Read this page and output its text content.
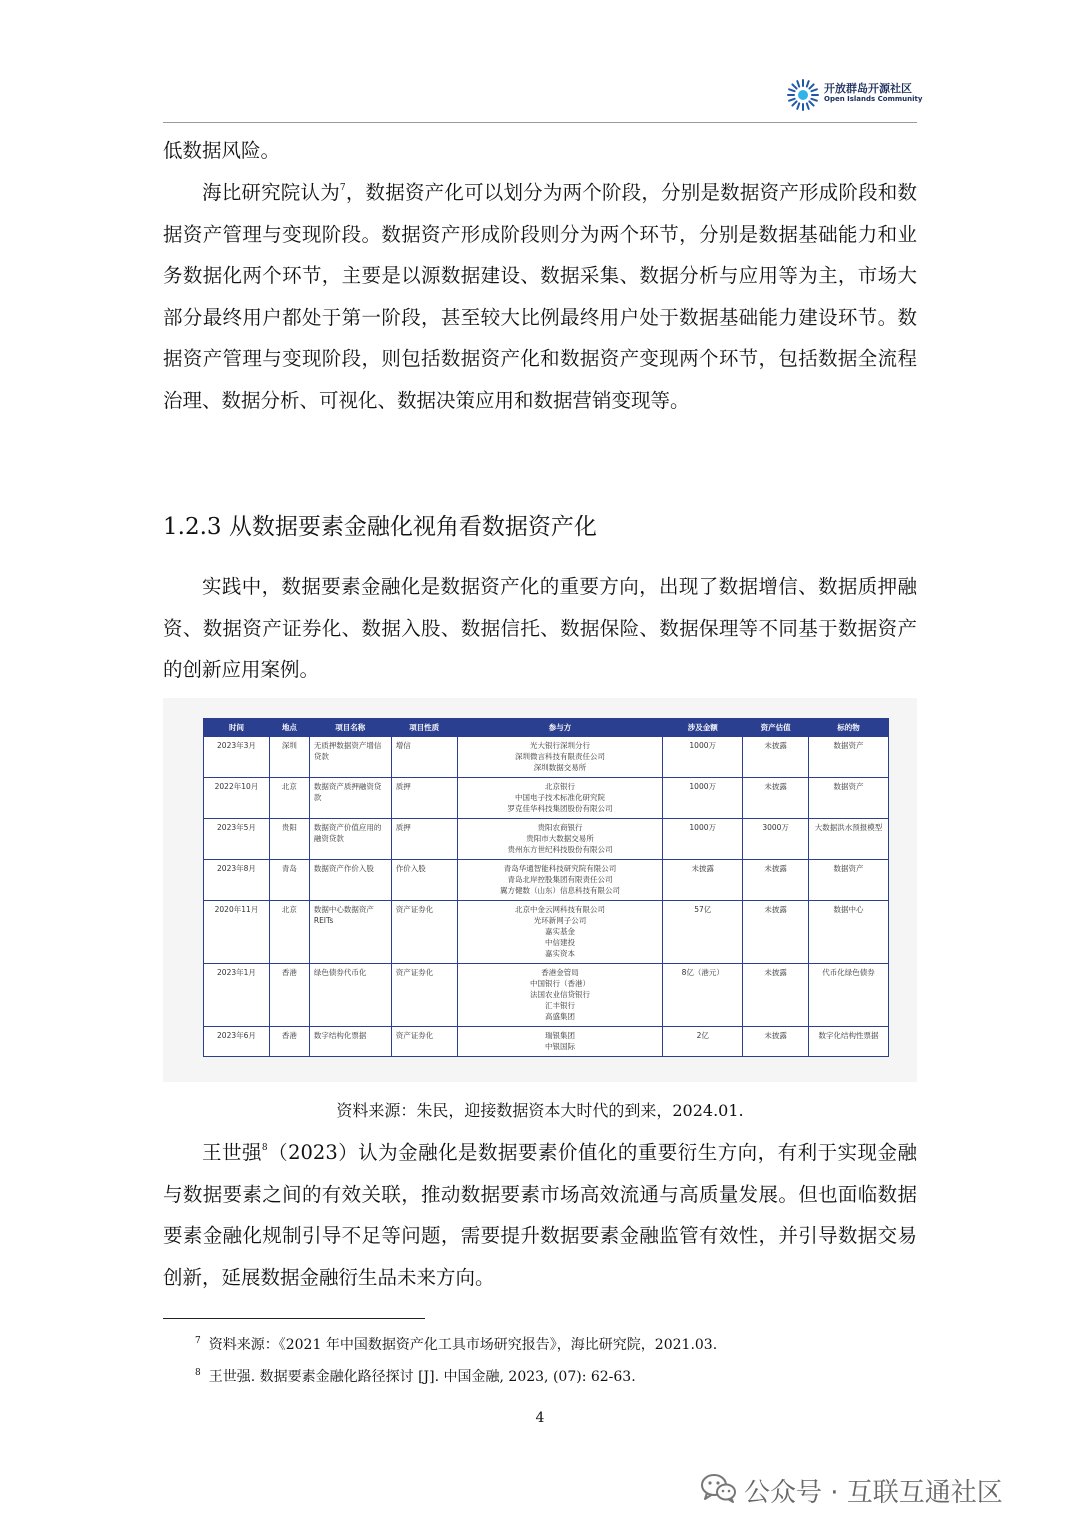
开放群岛开源社区
Open Islands Community

低数据风险。

海比研究院认为$^7$，数据资产化可以划分为两个阶段，分别是数据资产形成阶段和数据资产管理与变现阶段。数据资产形成阶段则分为两个环节，分别是数据基础能力和业务数据化两个环节，主要是以源数据建设、数据采集、数据分析与应用等为主，市场大部分最终用户都处于第一阶段，甚至较大比例最终用户处于数据基础能力建设环节。数据资产管理与变现阶段，则包括数据资产化和数据资产变现两个环节，包括数据全流程治理、数据分析、可视化、数据决策应用和数据营销变现等。

1.2.3 从数据要素金融化视角看数据资产化

实践中，数据要素金融化是数据资产化的重要方向，出现了数据增信、数据质押融资、数据资产证券化、数据入股、数据信托、数据保险、数据保理等不同基于数据资产的创新应用案例。

时间	地点	项目名称	项目性质	参与方	涉及金额	资产估值	标的物
2023年3月	深圳	无质押数据资产增信贷款	增信	光大银行深圳分行
深圳微言科技有限责任公司
深圳数据交易所	1000万	未披露	数据资产
2022年10月	北京	数据资产质押融资贷款	质押	北京银行
中国电子技术标准化研究院
罗克佳华科技集团股份有限公司	1000万	未披露	数据资产
2023年5月	贵阳	数据资产价值应用的融资贷款	质押	贵阳农商银行
贵阳市大数据交易所
贵州东方世纪科技股份有限公司	1000万	3000万	大数据洪水预报模型
2023年8月	青岛	数据资产作价入股	作价入股	青岛华通智能科技研究院有限公司
青岛北岸控股集团有限责任公司
翼方健数（山东）信息科技有限公司	未披露	未披露	数据资产
2020年11月	北京	数据中心数据资产REITs	资产证券化	北京中金云网科技有限公司
光环新网子公司
嘉实基金
中信建投
嘉实资本	57亿	未披露	数据中心
2023年1月	香港	绿色债券代币化	资产证券化	香港金管局
中国银行（香港）
法国农业信贷银行
汇丰银行
高盛集团	8亿（港元）	未披露	代币化绿色债券
2023年6月	香港	数字结构化票据	资产证券化	瑞银集团
中银国际	2亿	未披露	数字化结构性票据

资料来源：朱民，迎接数据资本大时代的到来，2024.01.

王世强$^8$（2023）认为金融化是数据要素价值化的重要衍生方向，有利于实现金融与数据要素之间的有效关联，推动数据要素市场高效流通与高质量发展。但也面临数据要素金融化规制引导不足等问题，需要提升数据要素金融监管有效性，并引导数据交易创新，延展数据金融衍生品未来方向。

$^7$ 资料来源：《2021 年中国数据资产化工具市场研究报告》，海比研究院，2021.03.

$^8$ 王世强. 数据要素金融化路径探讨 [J]. 中国金融, 2023, (07): 62-63.

4

公众号 · 互联互通社区
